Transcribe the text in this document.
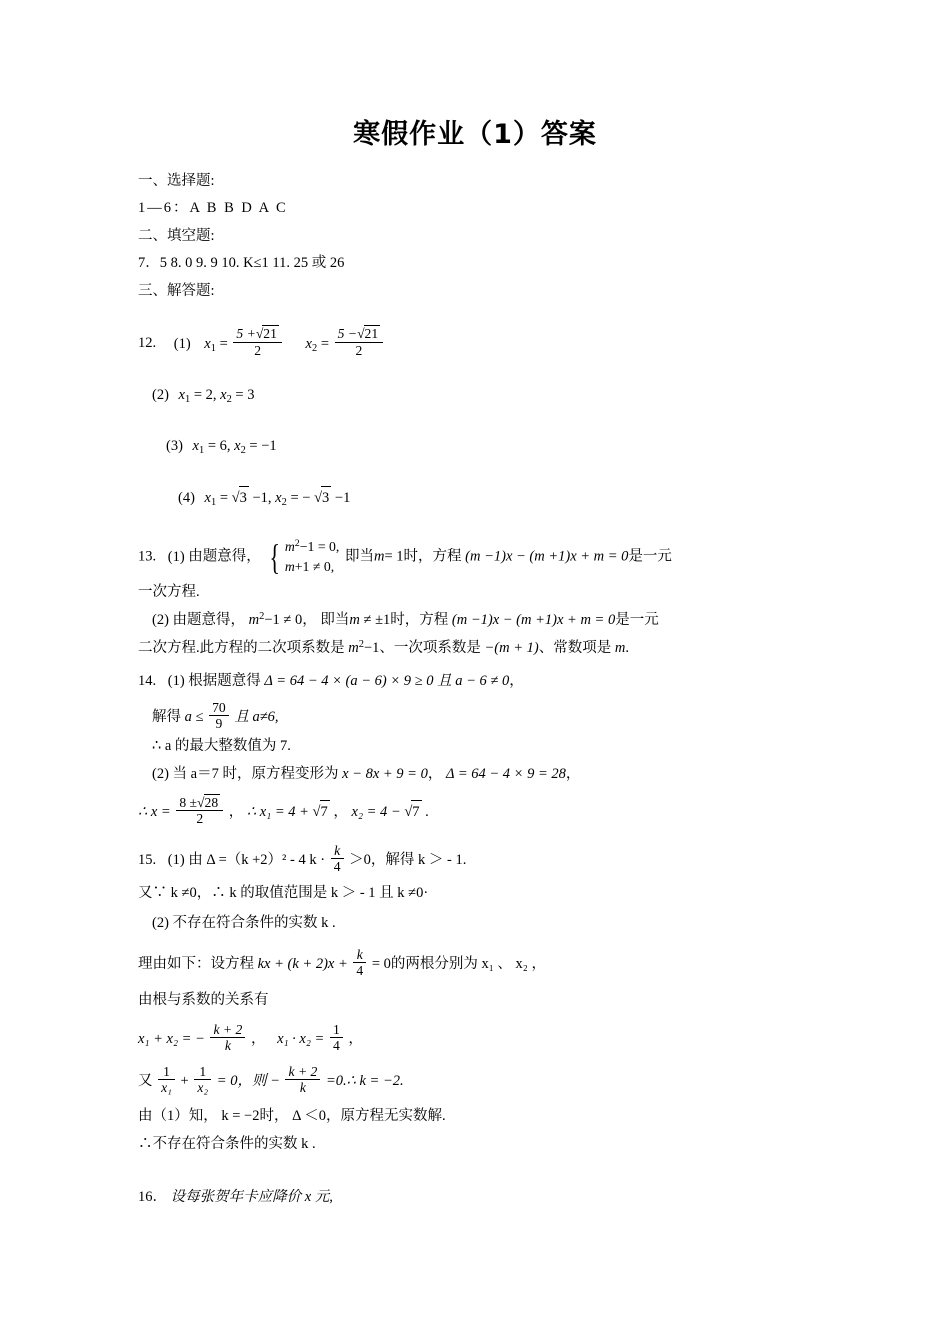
寒假作业（1）答案
一、选择题:
1—6：A B B D A C
二、填空题:
7．5 8. 0 9. 9 10. K≤1 11. 25 或 26
三、解答题:
12. (1) $x_1 = \frac{5 +√21}{2} x_2 = \frac{5 -√21}{2}$
(2) $x_1 = 2$, $x_2 = 3$
(3) $x_1 = 6$, $x_2 = -1$
(4) $x_1 = √3 -1$, $x_2$ = − √3 −1
13. (1) 由题意得， { $m^2-1 = 0$,
m+1 ≠ 0,
即当m= 1时，方程 (m −1)x − (m +1)x + m = 0是一元
一次方程.
(2) 由题意得， $m^2-1 \ne 0$， 即当m ≠ ±1时，方程 (m −1)x − (m +1)x + m = 0是一元
二次方程.此方程的二次项系数是 $m^2-1$、一次项系数是 −(m + 1)、常数项是 m.
14. (1) 根据题意得 Δ = 64 − 4 × (a − 6) × 9 ≥ 0 且 a − 6 ≠ 0，
解得 $a \le \frac{70}{9}$ 且 a≠6,
∴ a 的最大整数值为 7.
(2) 当 a＝7 时，原方程变形为 x − 8x + 9 = 0， Δ = 64 − 4 × 9 = 28，
∴ $x = \frac{8 \pm√28}{2}$ ， ∴ x₁ = 4 + √7 ， x₂ = 4 − √7 .
15. (1) 由 Δ =（k +2）² - 4 $k \cdot \frac{k}{4} >0$，解得 k ＞ - 1.
又∵ k ≠0，∴ k 的取值范围是 k ＞ - 1 且 k ≠0·
(2) 不存在符合条件的实数 k .
理由如下：设方程 kx + $(k + 2)x + \frac{k}{4} = 0$的两根分别为 x₁ 、 x₂ ，
由根与系数的关系有
x₁ + x₂ = − $\frac{k + 2}{k}$ ， $x_1 \cdot x_2 = \frac{1}{4}$ ，
又 $\frac{1}{\text{x₁}} + \frac{1}{\text{x₂}} = 0$，则 − $\frac{k + 2}{k}$ =0.∴ k = −2.
由（1）知， k = −2时， Δ ＜0，原方程无实数解.
∴不存在符合条件的实数 k .
16． 设每张贺年卡应降价 x 元,
